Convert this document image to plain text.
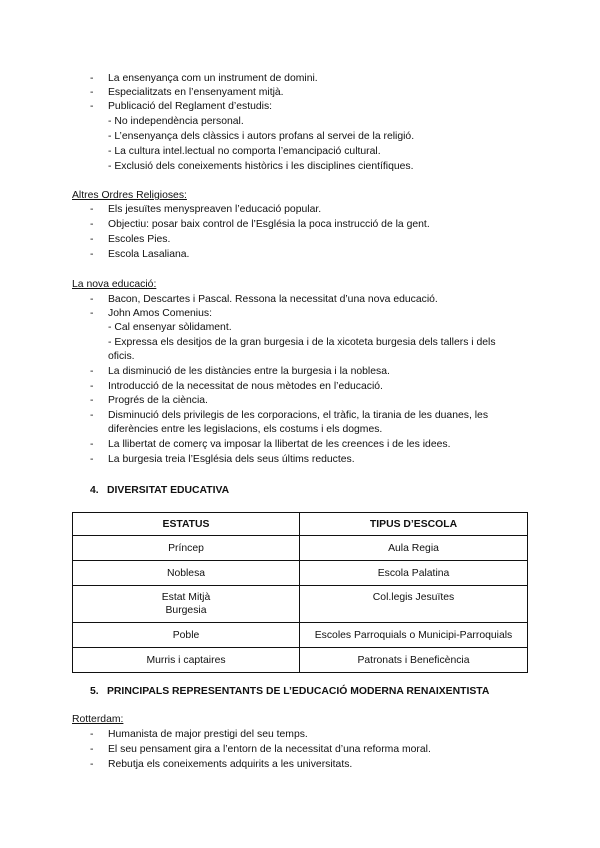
- La ensenyança com un instrument de domini.
- Especialitzats en l’ensenyament mitjà.
- Publicació del Reglament d’estudis:
- No independència personal.
- L’ensenyança dels clàssics i autors profans al servei de la religió.
- La cultura intel.lectual no comporta l’emancipació cultural.
- Exclusió dels coneixements històrics i les disciplines científiques.
Altres Ordres Religioses:
- Els jesuïtes menyspreaven l’educació popular.
- Objectiu: posar baix control de l’Església la poca instrucció de la gent.
- Escoles Pies.
- Escola Lasaliana.
La nova educació:
- Bacon, Descartes i Pascal. Ressona la necessitat d’una nova educació.
- John Amos Comenius:
- Cal ensenyar sòlidament.
- Expressa els desitjos de la gran burgesia i de la xicoteta burgesia dels tallers i dels
oficis.
- La disminució de les distàncies entre la burgesia i la noblesa.
- Introducció de la necessitat de nous mètodes en l’educació.
- Progrés de la ciència.
- Disminució dels privilegis de les corporacions, el tràfic, la tirania de les duanes, les
diferències entre les legislacions, els costums i els dogmes.
- La llibertat de comerç va imposar la llibertat de les creences i de les idees.
- La burgesia treia l’Església dels seus últims reductes.
4. DIVERSITAT EDUCATIVA
ESTATUS	TIPUS D’ESCOLA
Príncep	Aula Regia
Noblesa	Escola Palatina

Estat Mitjà
Burgesia	Col.legis Jesuïtes
Poble	Escoles Parroquials o Municipi-Parroquials
Murris i captaires	Patronats i Beneficència
5. PRINCIPALS REPRESENTANTS DE L’EDUCACIÓ MODERNA RENAIXENTISTA
Rotterdam:
- Humanista de major prestigi del seu temps.
- El seu pensament gira a l’entorn de la necessitat d’una reforma moral.
- Rebutja els coneixements adquirits a les universitats.
